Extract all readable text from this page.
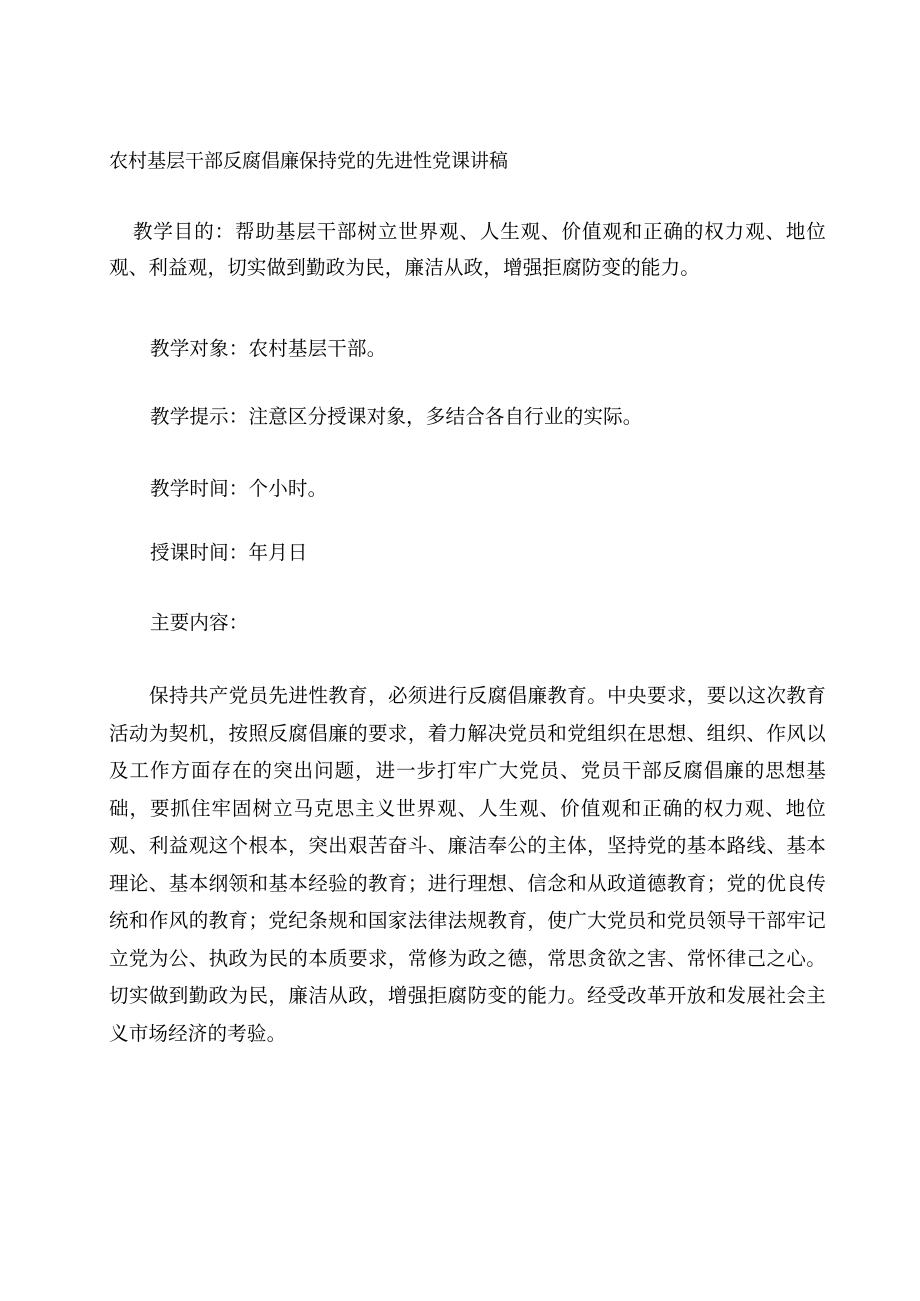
农村基层干部反腐倡廉保持党的先进性党课讲稿

教学目的：帮助基层干部树立世界观、人生观、价值观和正确的权力观、地位观、利益观，切实做到勤政为民，廉洁从政，增强拒腐防变的能力。

教学对象：农村基层干部。

教学提示：注意区分授课对象，多结合各自行业的实际。

教学时间：个小时。

授课时间：年月日

主要内容：

保持共产党员先进性教育，必须进行反腐倡廉教育。中央要求，要以这次教育活动为契机，按照反腐倡廉的要求，着力解决党员和党组织在思想、组织、作风以及工作方面存在的突出问题，进一步打牢广大党员、党员干部反腐倡廉的思想基础，要抓住牢固树立马克思主义世界观、人生观、价值观和正确的权力观、地位观、利益观这个根本，突出艰苦奋斗、廉洁奉公的主体，坚持党的基本路线、基本理论、基本纲领和基本经验的教育；进行理想、信念和从政道德教育；党的优良传统和作风的教育；党纪条规和国家法律法规教育，使广大党员和党员领导干部牢记立党为公、执政为民的本质要求，常修为政之德，常思贪欲之害、常怀律己之心。切实做到勤政为民，廉洁从政，增强拒腐防变的能力。经受改革开放和发展社会主义市场经济的考验。
